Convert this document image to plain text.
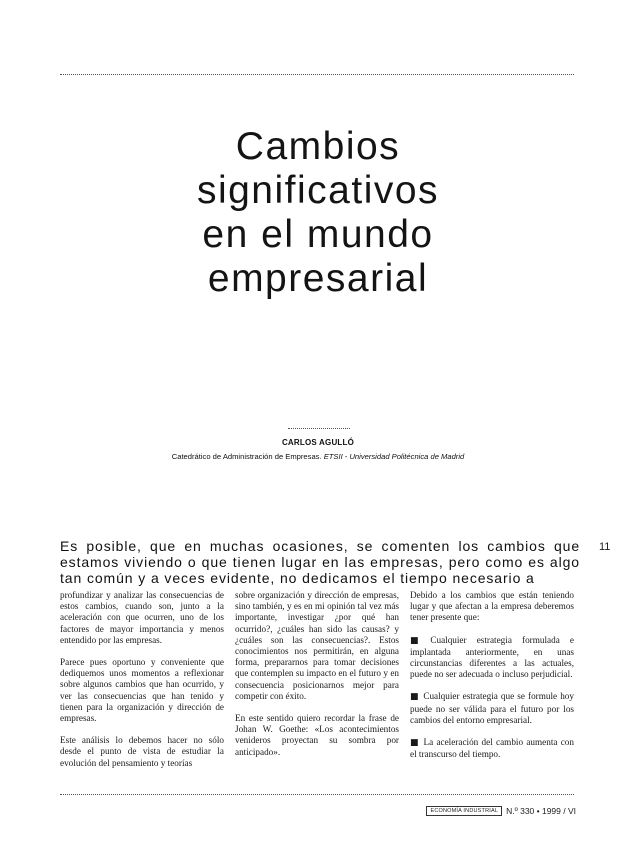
Cambios
significativos
en el mundo
empresarial
CARLOS AGULLÓ
Catedrático de Administración de Empresas. ETSII - Universidad Politécnica de Madrid
Es posible, que en muchas ocasiones, se comenten los cambios que estamos viviendo o que tienen lugar en las empresas, pero como es algo tan común y a veces evidente, no dedicamos el tiempo necesario a
11

profundizar y analizar las consecuencias de estos cambios, cuando son, junto a la aceleración con que ocurren, uno de los factores de mayor importancia y menos entendido por las empresas.

Parece pues oportuno y conveniente que dediquemos unos momentos a reflexionar sobre algunos cambios que han ocurrido, y ver las consecuencias que han tenido y tienen para la organización y dirección de empresas.

Este análisis lo debemos hacer no sólo desde el punto de vista de estudiar la evolución del pensamiento y teorías

sobre organización y dirección de empresas, sino también, y es en mi opinión tal vez más importante, investigar ¿por qué han ocurrido?, ¿cuáles han sido las causas? y ¿cuáles son las consecuencias?. Estos conocimientos nos permitirán, en alguna forma, prepararnos para tomar decisiones que contemplen su impacto en el futuro y en consecuencia posicionarnos mejor para competir con éxito.

En este sentido quiero recordar la frase de Johan W. Goethe: «Los acontecimientos venideros proyectan su sombra por anticipado».

Debido a los cambios que están teniendo lugar y que afectan a la empresa deberemos tener presente que:

■ Cualquier estrategia formulada e implantada anteriormente, en unas circunstancias diferentes a las actuales, puede no ser adecuada o incluso perjudicial.

■ Cualquier estrategia que se formule hoy puede no ser válida para el futuro por los cambios del entorno empresarial.

■ La aceleración del cambio aumenta con el transcurso del tiempo.

ECONOMÍA INDUSTRIAL N.º 330 • 1999 / VI
